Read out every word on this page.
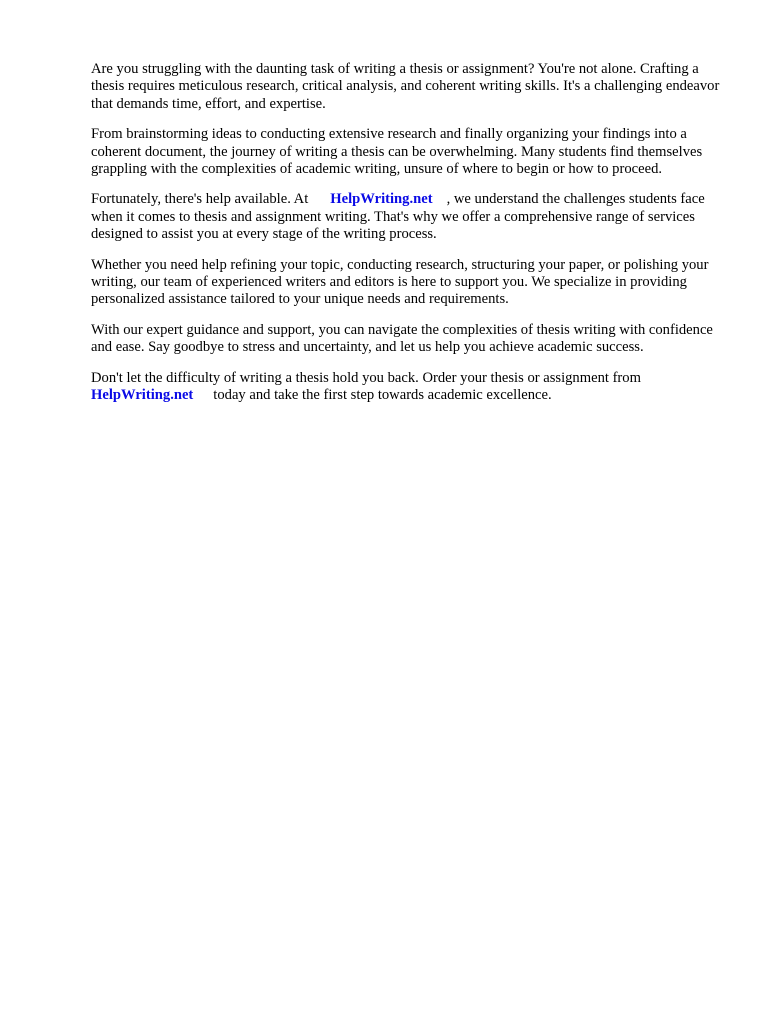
Are you struggling with the daunting task of writing a thesis or assignment? You're not alone. Crafting a thesis requires meticulous research, critical analysis, and coherent writing skills. It's a challenging endeavor that demands time, effort, and expertise.

From brainstorming ideas to conducting extensive research and finally organizing your findings into a coherent document, the journey of writing a thesis can be overwhelming. Many students find themselves grappling with the complexities of academic writing, unsure of where to begin or how to proceed.

Fortunately, there's help available. At HelpWriting.net , we understand the challenges students face when it comes to thesis and assignment writing. That's why we offer a comprehensive range of services designed to assist you at every stage of the writing process.

Whether you need help refining your topic, conducting research, structuring your paper, or polishing your writing, our team of experienced writers and editors is here to support you. We specialize in providing personalized assistance tailored to your unique needs and requirements.

With our expert guidance and support, you can navigate the complexities of thesis writing with confidence and ease. Say goodbye to stress and uncertainty, and let us help you achieve academic success.

Don't let the difficulty of writing a thesis hold you back. Order your thesis or assignment from HelpWriting.net today and take the first step towards academic excellence.
